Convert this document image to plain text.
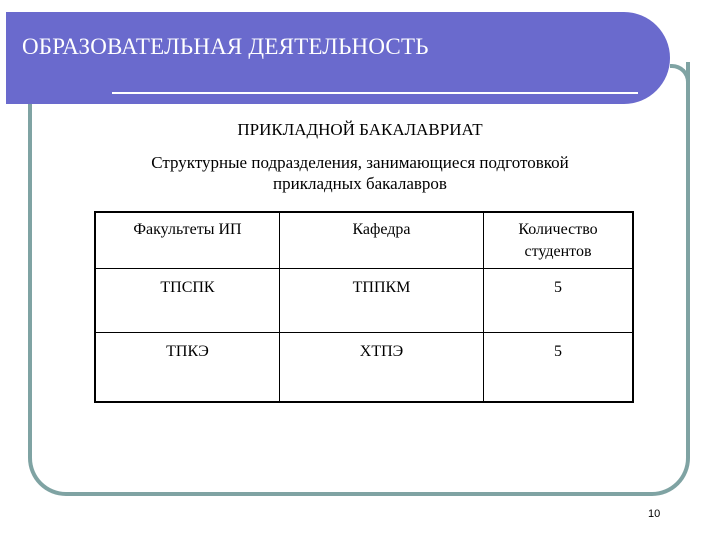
ОБРАЗОВАТЕЛЬНАЯ ДЕЯТЕЛЬНОСТЬ
ПРИКЛАДНОЙ БАКАЛАВРИАТ
Структурные подразделения, занимающиеся подготовкой
прикладных бакалавров
Факультеты ИП	Кафедра	Количество
студентов

ТПСПК	ТППКМ	5
ТПКЭ	ХТПЭ	5
10
